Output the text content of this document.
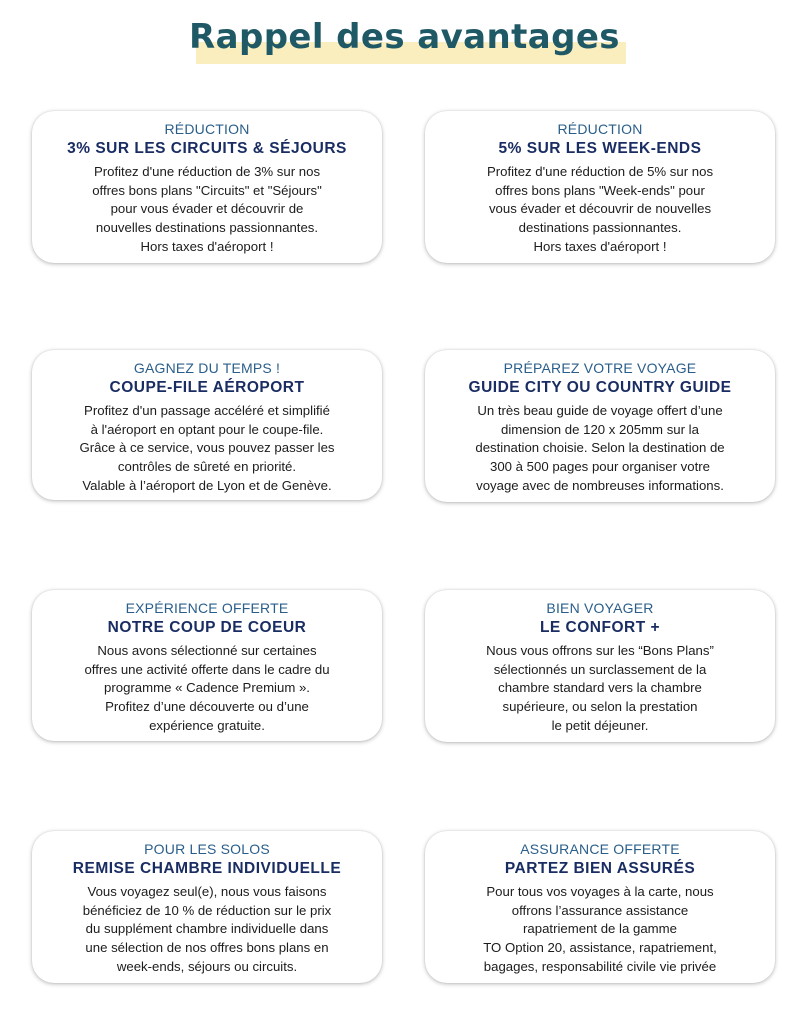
Rappel des avantages
RÉDUCTION
3% SUR LES CIRCUITS & SÉJOURS
Profitez d'une réduction de 3% sur nos
offres bons plans "Circuits" et "Séjours"
pour vous évader et découvrir de
nouvelles destinations passionnantes.
Hors taxes d'aéroport !
RÉDUCTION
5% SUR LES WEEK-ENDS
Profitez d'une réduction de 5% sur nos
offres bons plans "Week-ends" pour
vous évader et découvrir de nouvelles
destinations passionnantes.
Hors taxes d'aéroport !
GAGNEZ DU TEMPS !
COUPE-FILE AÉROPORT
Profitez d'un passage accéléré et simplifié
à l'aéroport en optant pour le coupe-file.
Grâce à ce service, vous pouvez passer les
contrôles de sûreté en priorité.
Valable à l’aéroport de Lyon et de Genève.
PRÉPAREZ VOTRE VOYAGE
GUIDE CITY OU COUNTRY GUIDE
Un très beau guide de voyage offert d’une
dimension de 120 x 205mm sur la
destination choisie. Selon la destination de
300 à 500 pages pour organiser votre
voyage avec de nombreuses informations.
EXPÉRIENCE OFFERTE
NOTRE COUP DE COEUR
Nous avons sélectionné sur certaines
offres une activité offerte dans le cadre du
programme « Cadence Premium ».
Profitez d’une découverte ou d’une
expérience gratuite.
BIEN VOYAGER
LE CONFORT +
Nous vous offrons sur les “Bons Plans”
sélectionnés un surclassement de la
chambre standard vers la chambre
supérieure, ou selon la prestation
le petit déjeuner.
POUR LES SOLOS
REMISE CHAMBRE INDIVIDUELLE
Vous voyagez seul(e), nous vous faisons
bénéficiez de 10 % de réduction sur le prix
du supplément chambre individuelle dans
une sélection de nos offres bons plans en
week-ends, séjours ou circuits.
ASSURANCE OFFERTE
PARTEZ BIEN ASSURÉS
Pour tous vos voyages à la carte, nous
offrons l’assurance assistance
rapatriement de la gamme
TO Option 20, assistance, rapatriement,
bagages, responsabilité civile vie privée
